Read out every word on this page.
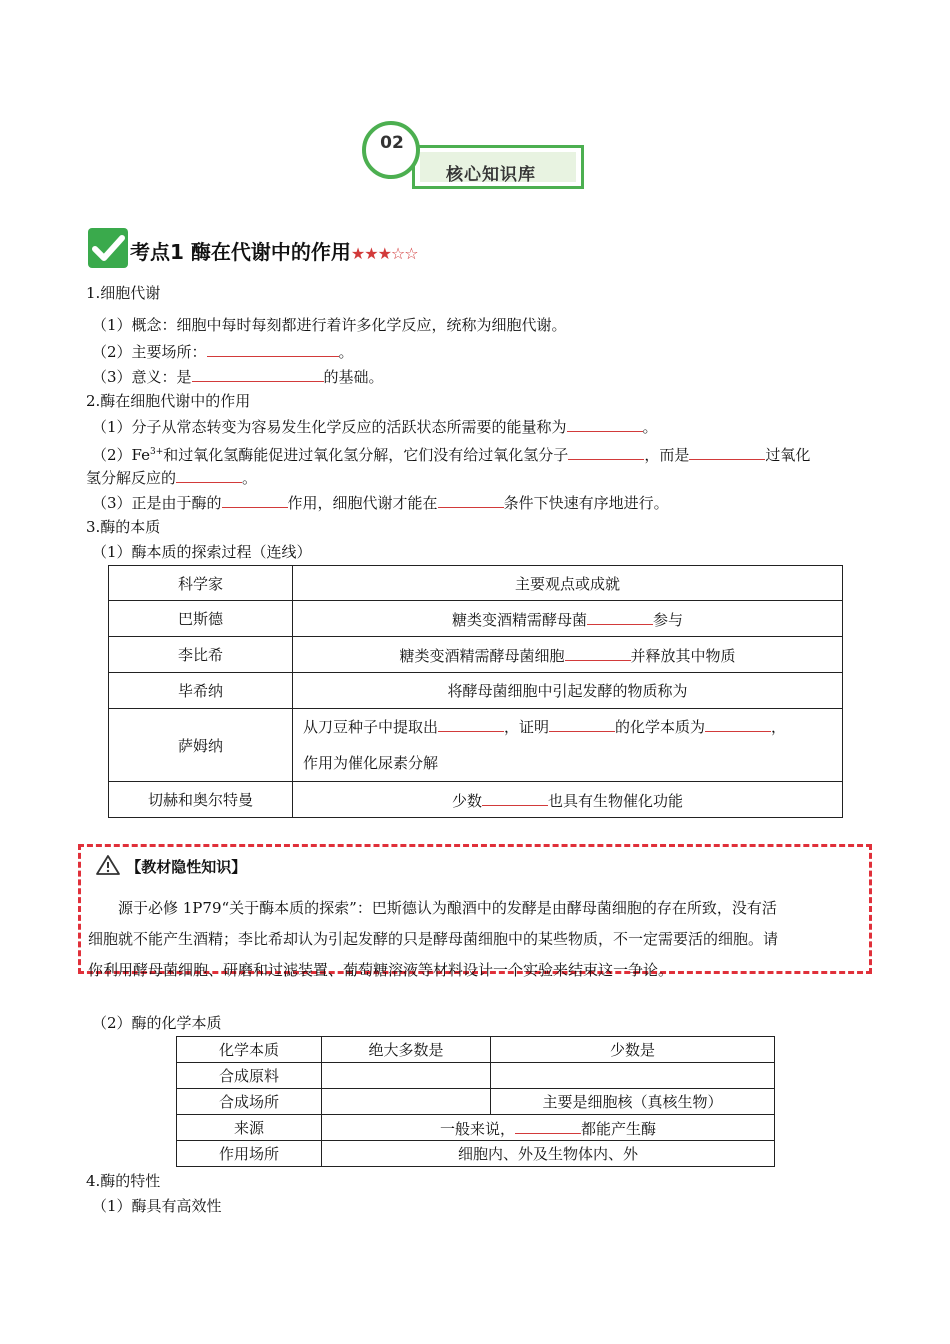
02
核心知识库
考点1 酶在代谢中的作用★★★☆☆
1.细胞代谢
（1）概念：细胞中每时每刻都进行着许多化学反应，统称为细胞代谢。
（2）主要场所：	。
（3）意义：是	的基础。
2.酶在细胞代谢中的作用
（1）分子从常态转变为容易发生化学反应的活跃状态所需要的能量称为	。
$(2)Fe^{3+}$和过氧化氢酶能促进过氧化氢分解，它们没有给过氧化氢分子	，而是	过氧化
氢分解反应的	。
（3）正是由于酶的	作用，细胞代谢才能在	条件下快速有序地进行。
3.酶的本质
（1）酶本质的探索过程（连线）
科学家	主要观点或成就
巴斯德	糖类变酒精需酵母菌 参与
李比希	糖类变酒精需酵母菌细胞 并释放其中物质
毕希纳	将酵母菌细胞中引起发酵的物质称为
萨姆纳	从刀豆种子中提取出 ，证明 的化学本质为 ，
作用为催化尿素分解

切赫和奥尔特曼	少数 也具有生物催化功能
【教材隐性知识】

源于必修 1P79“关于酶本质的探索”：巴斯德认为酿酒中的发酵是由酵母菌细胞的存在所致，没有活

细胞就不能产生酒精；李比希却认为引起发酵的只是酵母菌细胞中的某些物质，不一定需要活的细胞。请

你利用酵母菌细胞、研磨和过滤装置、葡萄糖溶液等材料设计一个实验来结束这一争论。

（2）酶的化学本质
化学本质	绝大多数是	少数是
合成原料		
合成场所		主要是细胞核（真核生物）
来源	一般来说， 都能产生酶	
作用场所	细胞内、外及生物体内、外	
4.酶的特性
（1）酶具有高效性
